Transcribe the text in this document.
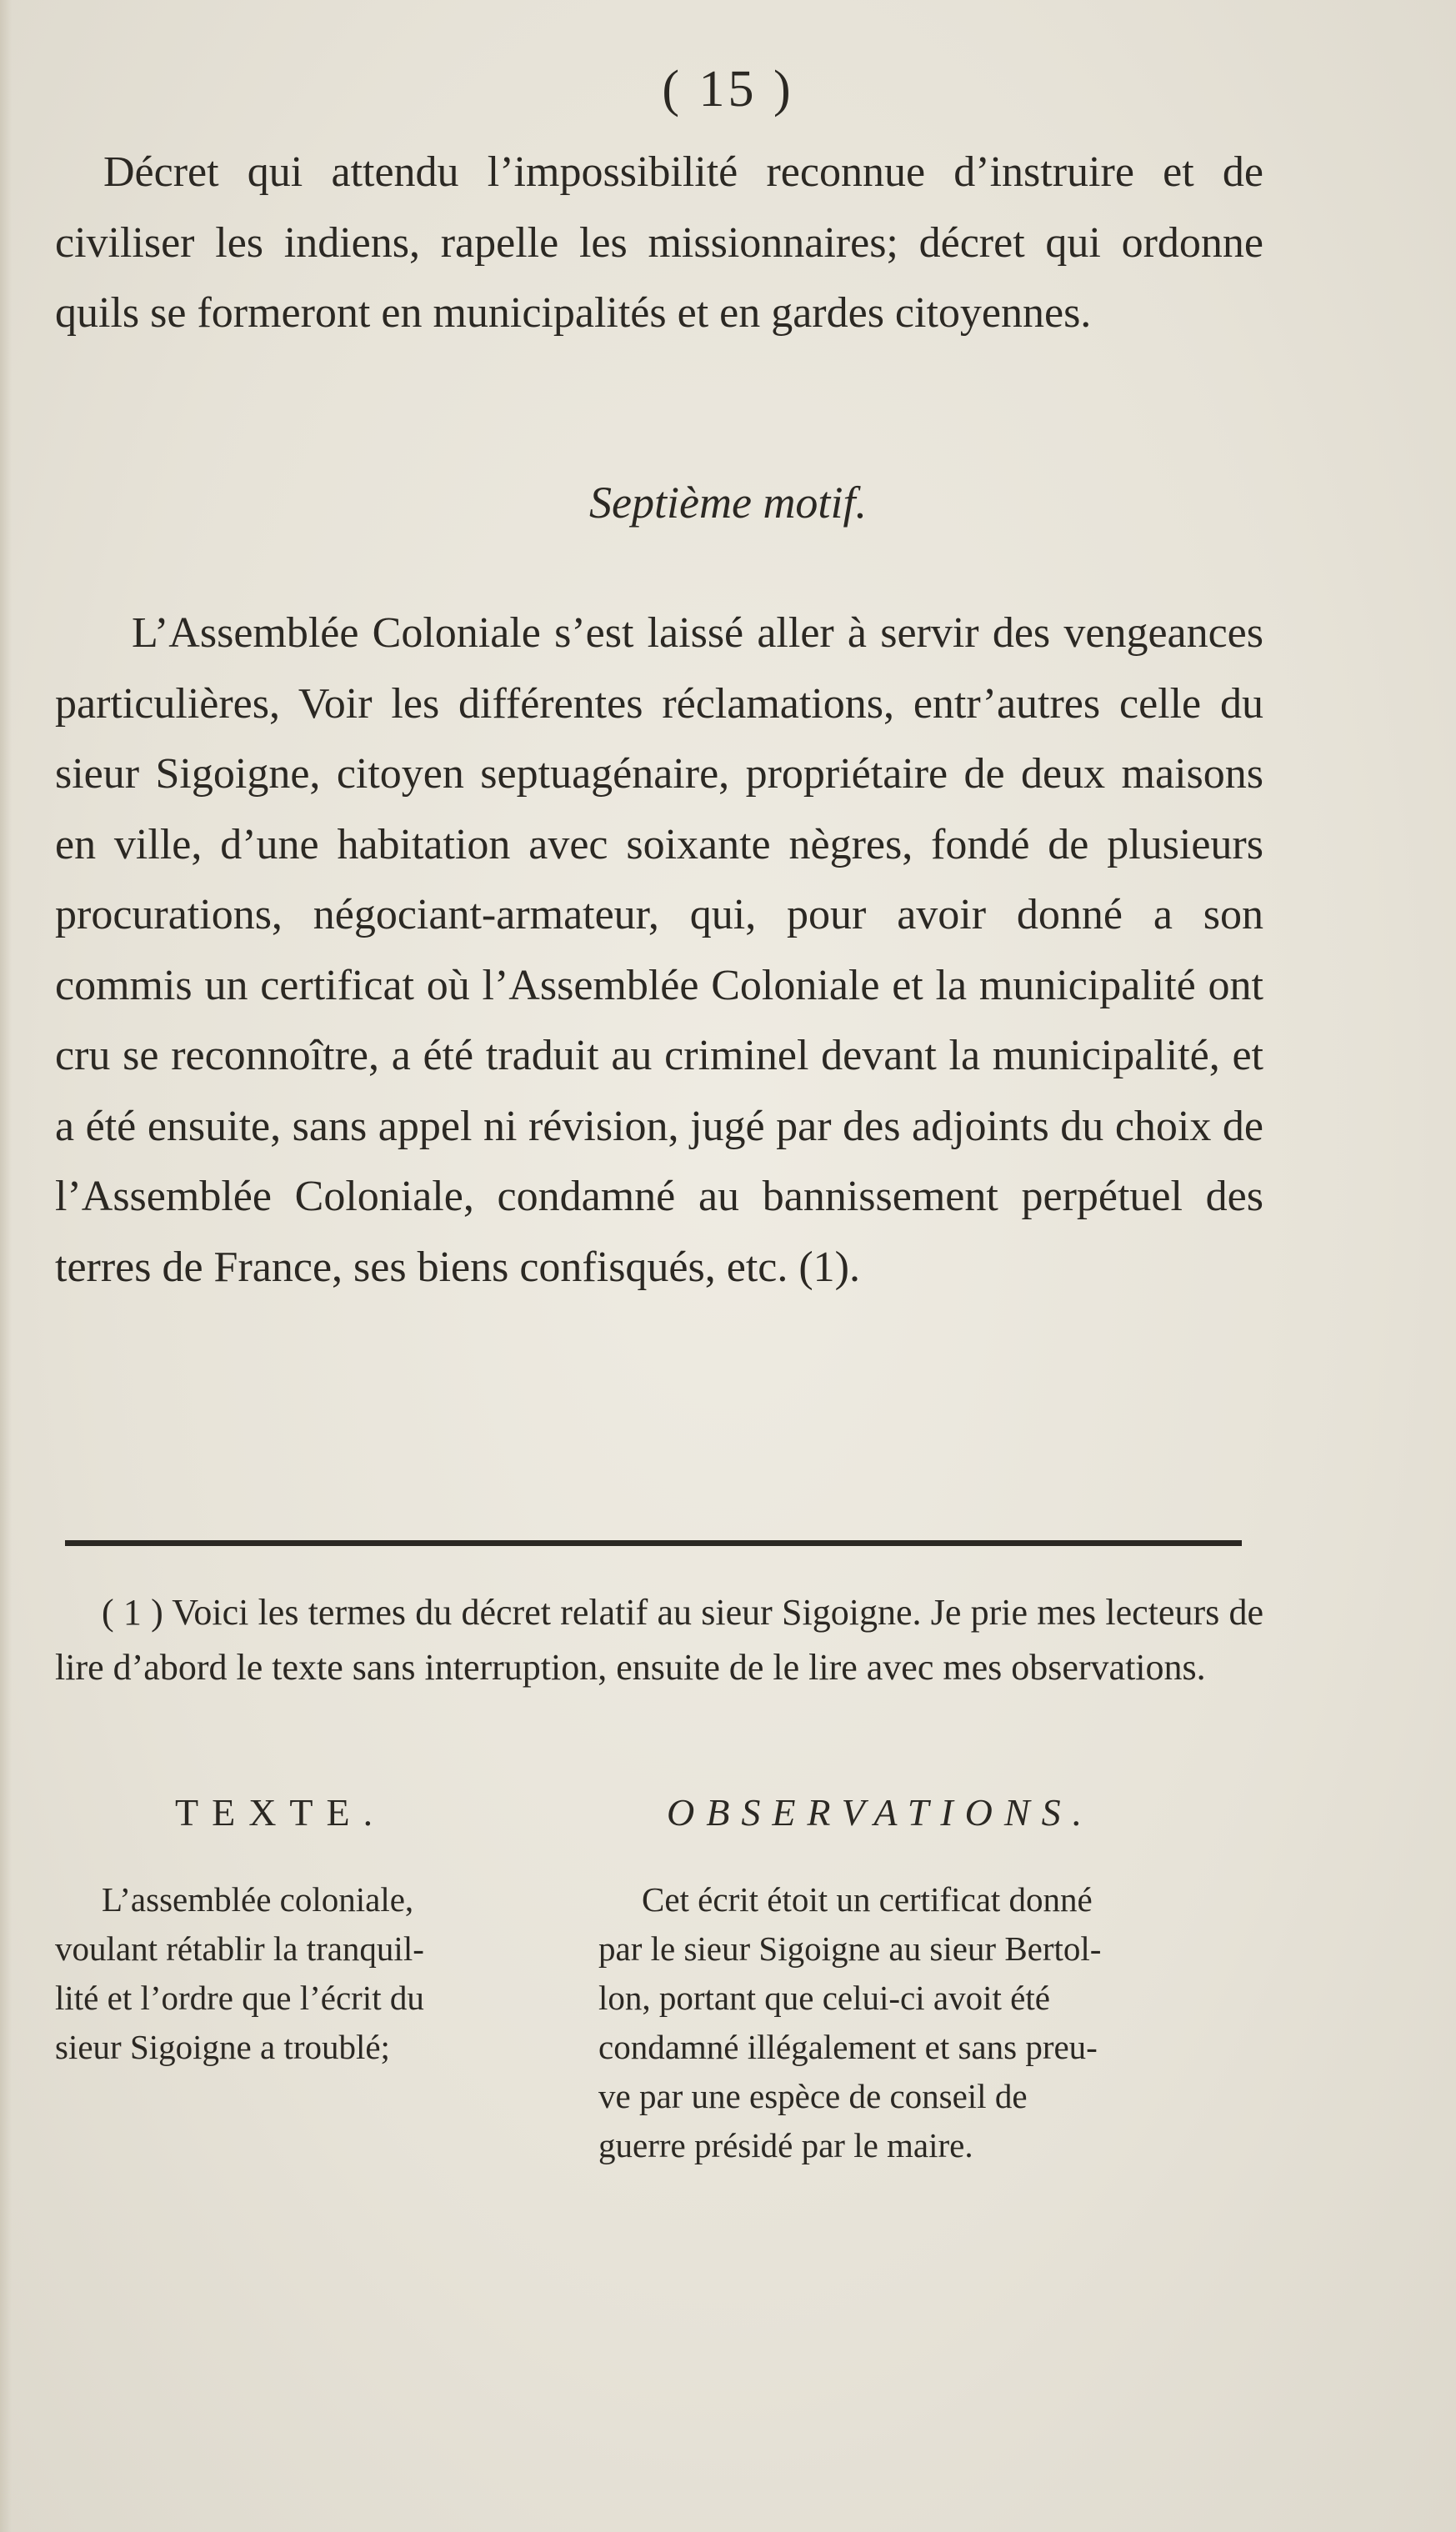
( 15 )

Décret qui attendu l’impossibilité reconnue d’instruire et de civiliser les indiens, rapelle les missionnaires; décret qui ordonne quils se formeront en municipalités et en gardes citoyennes.

Septième motif.

L’Assemblée Coloniale s’est laissé aller à servir des vengeances particulières, Voir les différentes réclamations, entr’autres celle du sieur Sigoigne, citoyen septuagénaire, propriétaire de deux maisons en ville, d’une habitation avec soixante nègres, fondé de plusieurs procurations, négociant-armateur, qui, pour avoir donné a son commis un certificat où l’Assemblée Coloniale et la municipalité ont cru se reconnoître, a été traduit au criminel devant la municipalité, et a été ensuite, sans appel ni révision, jugé par des adjoints du choix de l’Assemblée Coloniale, condamné au bannissement perpétuel des terres de France, ses biens confisqués, etc. (1).

( 1 ) Voici les termes du décret relatif au sieur Sigoigne. Je prie mes lecteurs de lire d’abord le texte sans interruption, ensuite de le lire avec mes observations.

TEXTE.	OBSERVATIONS.
L’assemblée coloniale,
voulant rétablir la tranquil-
lité et l’ordre que l’écrit du
sieur Sigoigne a troublé;
Cet écrit étoit un certificat donné
par le sieur Sigoigne au sieur Bertol-
lon, portant que celui-ci avoit été
condamné illégalement et sans preu-
ve par une espèce de conseil de
guerre présidé par le maire.
